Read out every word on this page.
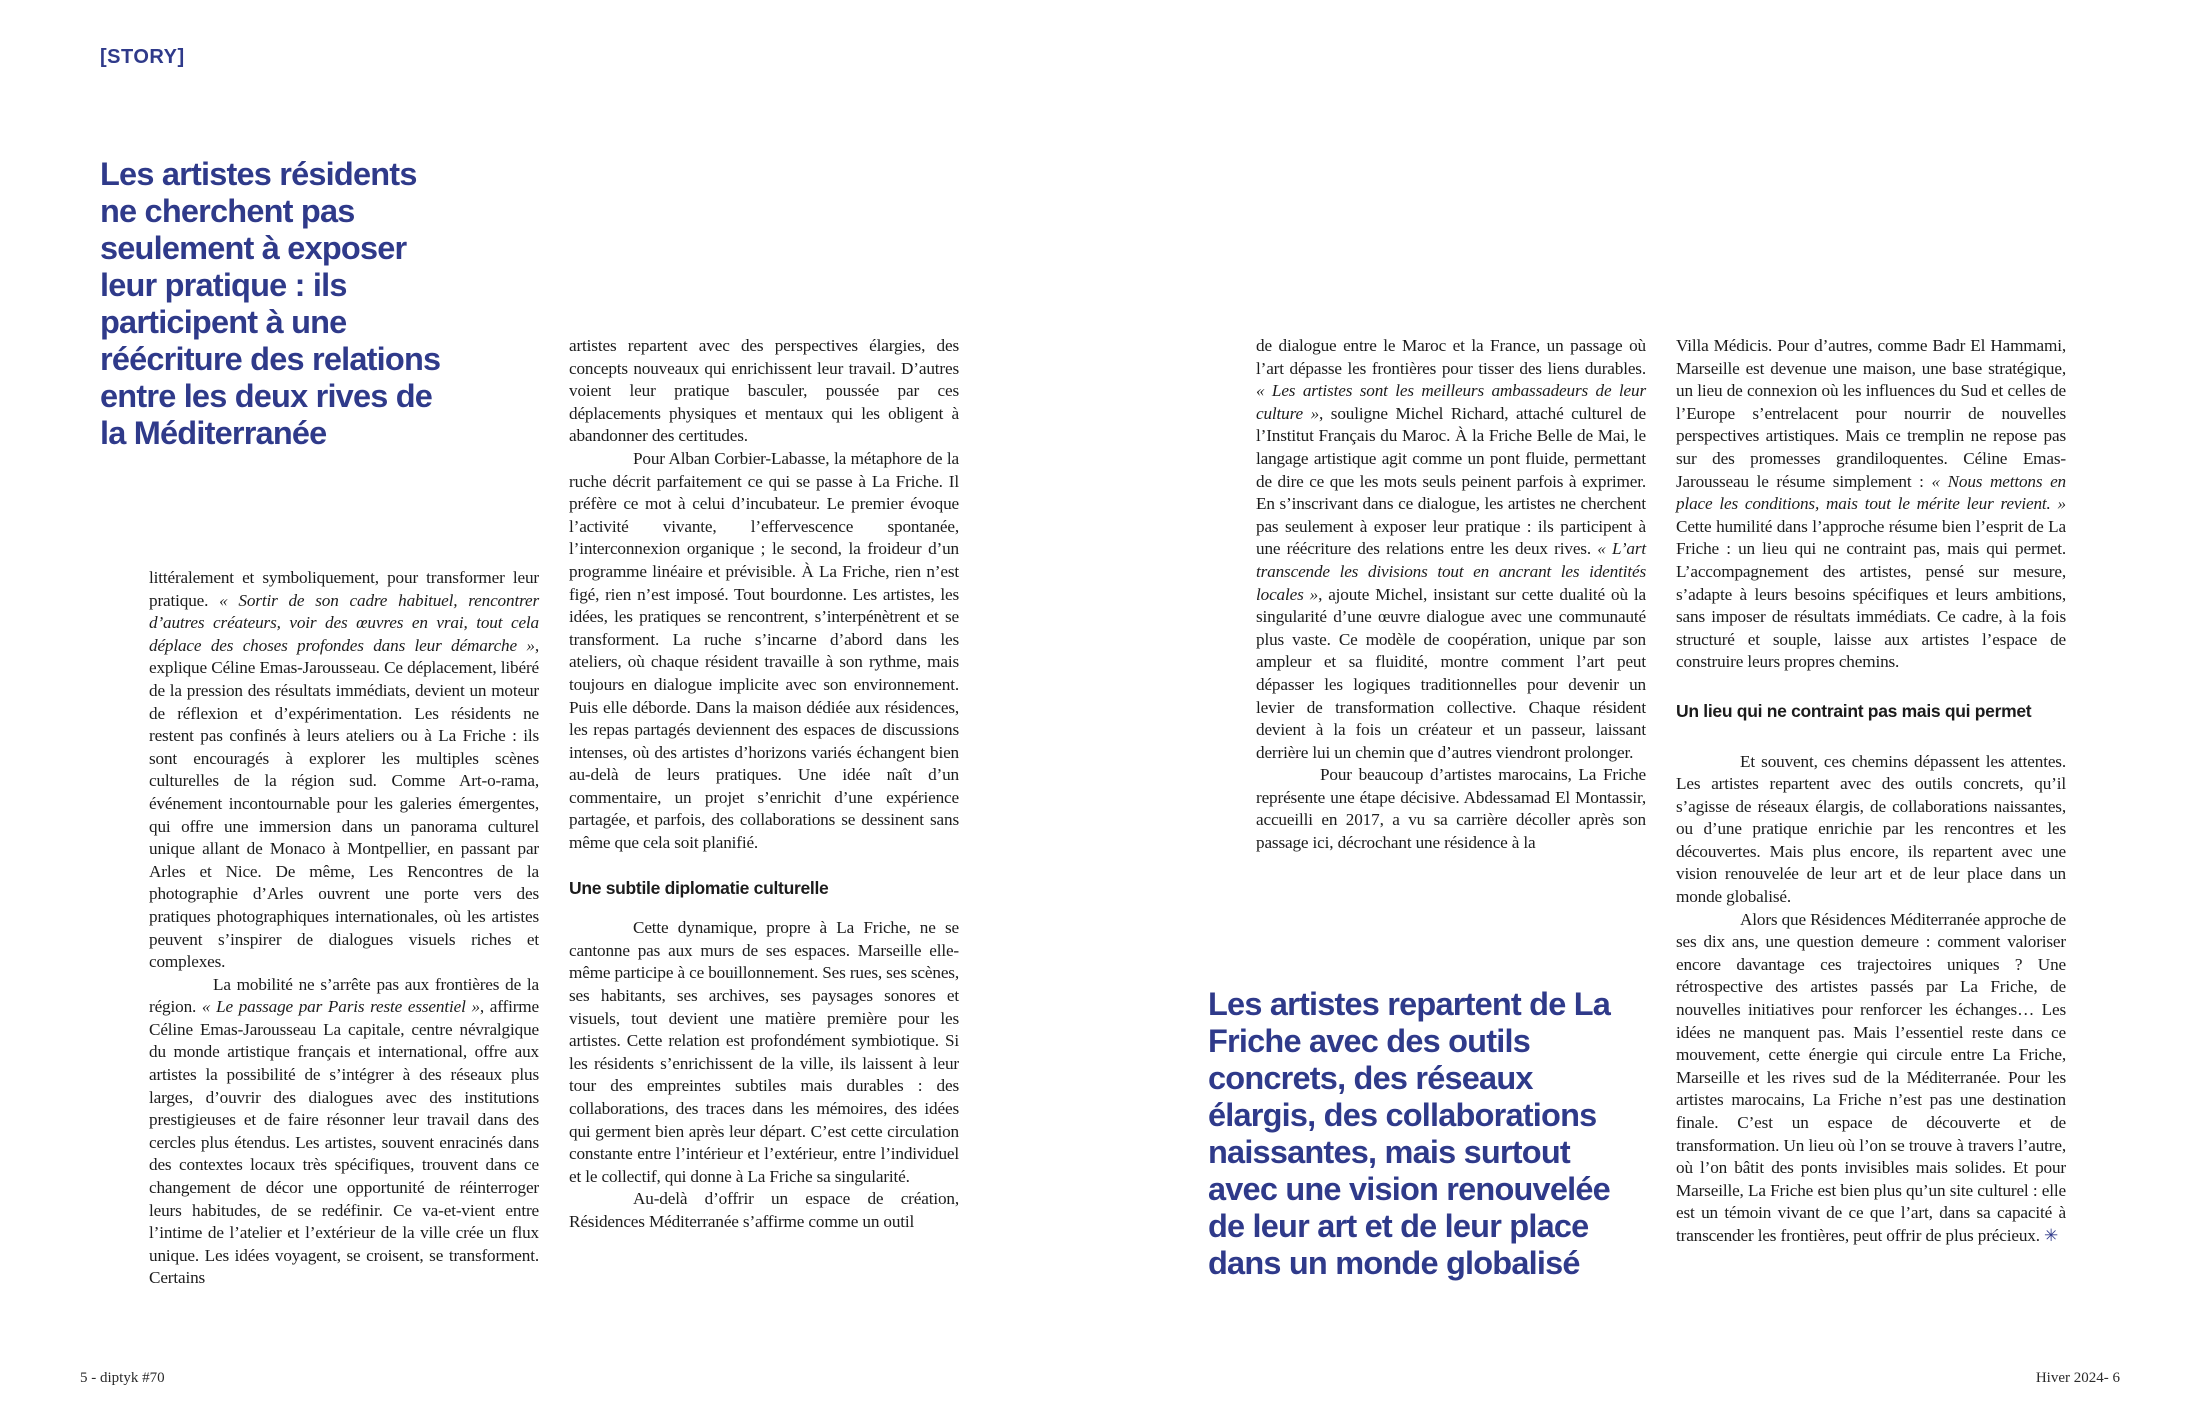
[STORY]
Les artistes résidents ne cherchent pas seulement à exposer leur pratique : ils participent à une réécriture des relations entre les deux rives de la Méditerranée

littéralement et symboliquement, pour transformer leur pratique. « Sortir de son cadre habituel, rencontrer d’autres créateurs, voir des œuvres en vrai, tout cela déplace des choses profondes dans leur démarche », explique Céline Emas-Jarousseau. Ce déplacement, libéré de la pression des résultats immédiats, devient un moteur de réflexion et d’expérimentation. Les résidents ne restent pas confinés à leurs ateliers ou à La Friche : ils sont encouragés à explorer les multiples scènes culturelles de la région sud. Comme Art-o-rama, événement incontournable pour les galeries émergentes, qui offre une immersion dans un panorama culturel unique allant de Monaco à Montpellier, en passant par Arles et Nice. De même, Les Rencontres de la photographie d’Arles ouvrent une porte vers des pratiques photographiques internationales, où les artistes peuvent s’inspirer de dialogues visuels riches et complexes.

La mobilité ne s’arrête pas aux frontières de la région. « Le passage par Paris reste essentiel », affirme Céline Emas-Jarousseau La capitale, centre névralgique du monde artistique français et international, offre aux artistes la possibilité de s’intégrer à des réseaux plus larges, d’ouvrir des dialogues avec des institutions prestigieuses et de faire résonner leur travail dans des cercles plus étendus. Les artistes, souvent enracinés dans des contextes locaux très spécifiques, trouvent dans ce changement de décor une opportunité de réinterroger leurs habitudes, de se redéfinir. Ce va-et-vient entre l’intime de l’atelier et l’extérieur de la ville crée un flux unique. Les idées voyagent, se croisent, se transforment. Certains

artistes repartent avec des perspectives élargies, des concepts nouveaux qui enrichissent leur travail. D’autres voient leur pratique basculer, poussée par ces déplacements physiques et mentaux qui les obligent à abandonner des certitudes.

Pour Alban Corbier-Labasse, la métaphore de la ruche décrit parfaitement ce qui se passe à La Friche. Il préfère ce mot à celui d’incubateur. Le premier évoque l’activité vivante, l’effervescence spontanée, l’interconnexion organique ; le second, la froideur d’un programme linéaire et prévisible. À La Friche, rien n’est figé, rien n’est imposé. Tout bourdonne. Les artistes, les idées, les pratiques se rencontrent, s’interpénètrent et se transforment. La ruche s’incarne d’abord dans les ateliers, où chaque résident travaille à son rythme, mais toujours en dialogue implicite avec son environnement. Puis elle déborde. Dans la maison dédiée aux résidences, les repas partagés deviennent des espaces de discussions intenses, où des artistes d’horizons variés échangent bien au-delà de leurs pratiques. Une idée naît d’un commentaire, un projet s’enrichit d’une expérience partagée, et parfois, des collaborations se dessinent sans même que cela soit planifié.

Une subtile diplomatie culturelle

Cette dynamique, propre à La Friche, ne se cantonne pas aux murs de ses espaces. Marseille elle-même participe à ce bouillonnement. Ses rues, ses scènes, ses habitants, ses archives, ses paysages sonores et visuels, tout devient une matière première pour les artistes. Cette relation est profondément symbiotique. Si les résidents s’enrichissent de la ville, ils laissent à leur tour des empreintes subtiles mais durables : des collaborations, des traces dans les mémoires, des idées qui germent bien après leur départ. C’est cette circulation constante entre l’intérieur et l’extérieur, entre l’individuel et le collectif, qui donne à La Friche sa singularité.

Au-delà d’offrir un espace de création, Résidences Méditerranée s’affirme comme un outil

de dialogue entre le Maroc et la France, un passage où l’art dépasse les frontières pour tisser des liens durables. « Les artistes sont les meilleurs ambassadeurs de leur culture », souligne Michel Richard, attaché culturel de l’Institut Français du Maroc. À la Friche Belle de Mai, le langage artistique agit comme un pont fluide, permettant de dire ce que les mots seuls peinent parfois à exprimer. En s’inscrivant dans ce dialogue, les artistes ne cherchent pas seulement à exposer leur pratique : ils participent à une réécriture des relations entre les deux rives. « L’art transcende les divisions tout en ancrant les identités locales », ajoute Michel, insistant sur cette dualité où la singularité d’une œuvre dialogue avec une communauté plus vaste. Ce modèle de coopération, unique par son ampleur et sa fluidité, montre comment l’art peut dépasser les logiques traditionnelles pour devenir un levier de transformation collective. Chaque résident devient à la fois un créateur et un passeur, laissant derrière lui un chemin que d’autres viendront prolonger.

Pour beaucoup d’artistes marocains, La Friche représente une étape décisive. Abdessamad El Montassir, accueilli en 2017, a vu sa carrière décoller après son passage ici, décrochant une résidence à la

Les artistes repartent de La Friche avec des outils concrets, des réseaux élargis, des collaborations naissantes, mais surtout avec une vision renouvelée de leur art et de leur place dans un monde globalisé

Villa Médicis. Pour d’autres, comme Badr El Hammami, Marseille est devenue une maison, une base stratégique, un lieu de connexion où les influences du Sud et celles de l’Europe s’entrelacent pour nourrir de nouvelles perspectives artistiques. Mais ce tremplin ne repose pas sur des promesses grandiloquentes. Céline Emas-Jarousseau le résume simplement : « Nous mettons en place les conditions, mais tout le mérite leur revient. » Cette humilité dans l’approche résume bien l’esprit de La Friche : un lieu qui ne contraint pas, mais qui permet. L’accompagnement des artistes, pensé sur mesure, s’adapte à leurs besoins spécifiques et leurs ambitions, sans imposer de résultats immédiats. Ce cadre, à la fois structuré et souple, laisse aux artistes l’espace de construire leurs propres chemins.

Un lieu qui ne contraint pas mais qui permet

Et souvent, ces chemins dépassent les attentes. Les artistes repartent avec des outils concrets, qu’il s’agisse de réseaux élargis, de collaborations naissantes, ou d’une pratique enrichie par les rencontres et les découvertes. Mais plus encore, ils repartent avec une vision renouvelée de leur art et de leur place dans un monde globalisé.

Alors que Résidences Méditerranée approche de ses dix ans, une question demeure : comment valoriser encore davantage ces trajectoires uniques ? Une rétrospective des artistes passés par La Friche, de nouvelles initiatives pour renforcer les échanges… Les idées ne manquent pas. Mais l’essentiel reste dans ce mouvement, cette énergie qui circule entre La Friche, Marseille et les rives sud de la Méditerranée. Pour les artistes marocains, La Friche n’est pas une destination finale. C’est un espace de découverte et de transformation. Un lieu où l’on se trouve à travers l’autre, où l’on bâtit des ponts invisibles mais solides. Et pour Marseille, La Friche est bien plus qu’un site culturel : elle est un témoin vivant de ce que l’art, dans sa capacité à transcender les frontières, peut offrir de plus précieux. ✳

5 - diptyk #70	Hiver 2024- 6
